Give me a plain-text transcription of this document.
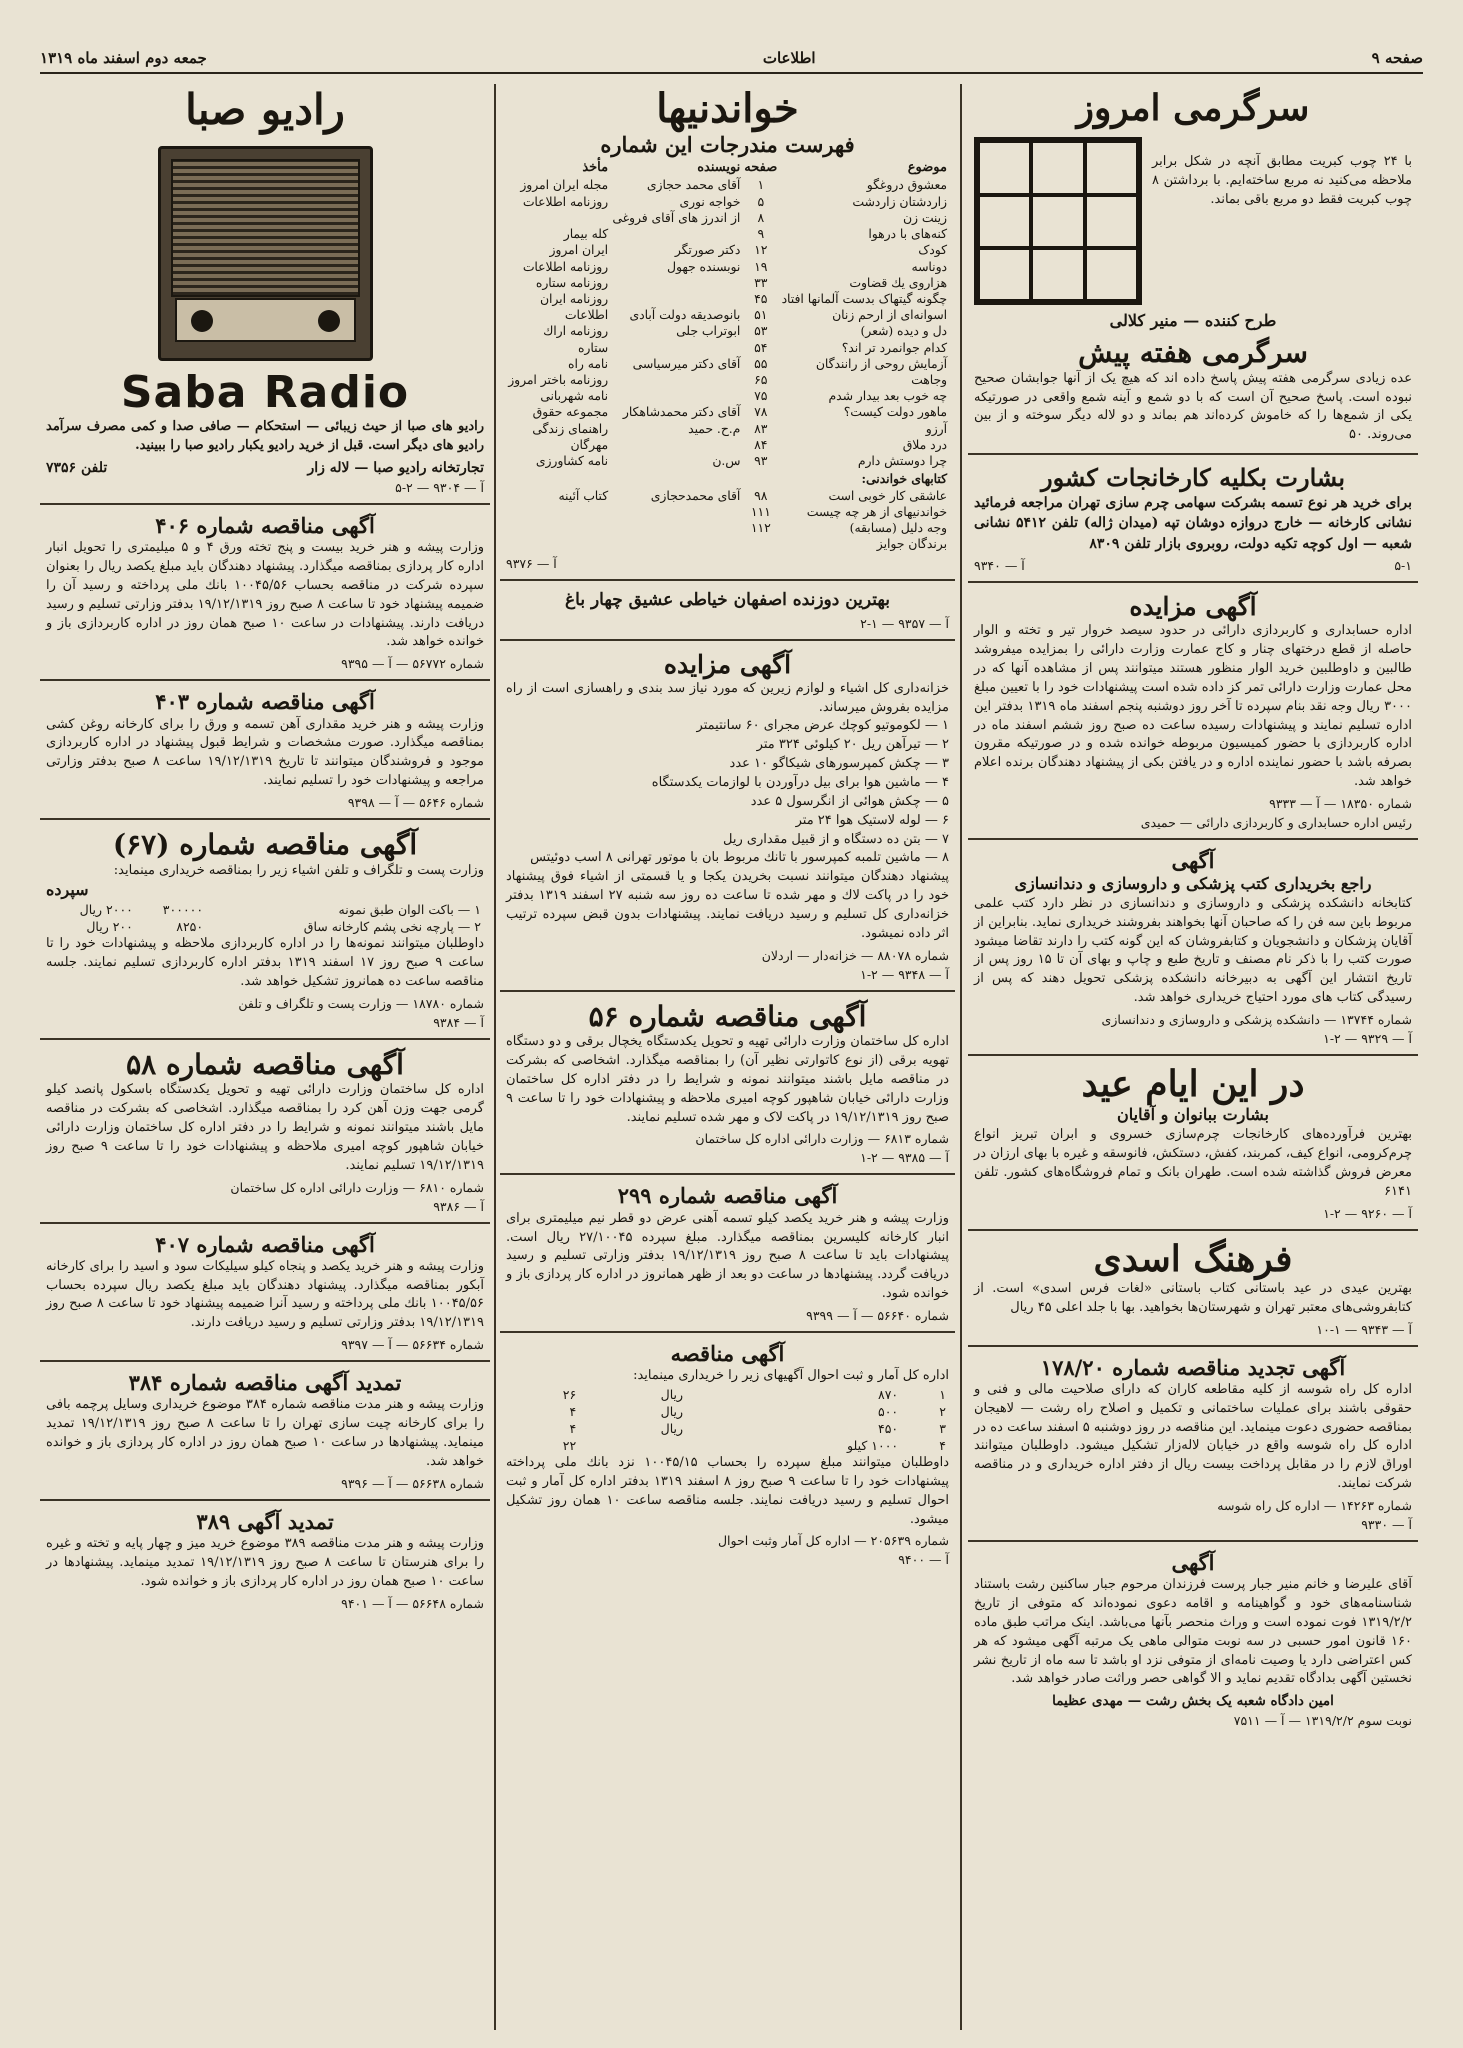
صفحه ۹
اطلاعات
جمعه دوم اسفند ماه ۱۳۱۹
سرگرمی امروز
با ۲۴ چوب کبریت مطابق آنچه در شکل برابر ملاحظه می‌کنید نه مربع ساخته‌ایم. با برداشتن ۸ چوب کبریت فقط دو مربع باقی بماند.
طرح کننده — منیر کلالی
سرگرمی هفته پیش
عده زیادی سرگرمی هفته پیش پاسخ داده اند که هیچ یک از آنها جوابشان صحیح نبوده است. پاسخ صحیح آن است که با دو شمع و آینه شمع واقعی در صورتیکه یکی از شمع‌ها را که خاموش کرده‌اند هم بماند و دو لاله دیگر سوخته و از بین می‌روند. ۵۰
بشارت بکلیه کارخانجات کشور
برای خرید هر نوع تسمه بشرکت سهامی چرم سازی تهران مراجعه فرمائید نشانی کارخانه — خارج دروازه دوشان تپه (میدان ژاله) تلفن ۵۴۱۲ نشانی شعبه — اول کوچه تکیه دولت، روبروی بازار تلفن ۸۳۰۹
۵-۱
آ — ۹۳۴۰
آگهی مزایده
اداره حسابداری و کاربردازی دارائی در حدود سیصد خروار تیر و تخته و الوار حاصله از قطع درختهای چنار و کاج عمارت وزارت دارائی را بمزایده میفروشد طالبین و داوطلبین خرید الوار منظور هستند میتوانند پس از مشاهده آنها که در محل عمارت وزارت دارائی تمر کز داده شده است پیشنهادات خود را با تعیین مبلغ ۳۰۰۰ ریال وجه نقد بنام سپرده تا آخر روز دوشنبه پنجم اسفند ماه ۱۳۱۹ بدفتر این اداره تسلیم نمایند و پیشنهادات رسیده ساعت ده صبح روز ششم اسفند ماه در اداره کاربردازی با حضور کمیسیون مربوطه خوانده شده و در صورتیکه مقرون بصرفه باشد با حضور نماینده اداره و در یافتن بکی از پیشنهاد دهندگان برنده اعلام خواهد شد.
شماره ۱۸۳۵۰ — آ — ۹۳۳۳
رئیس اداره حسابداری و کاربردازی دارائی — حمیدی
آگهی
راجع بخریداری کتب پزشکی و داروسازی و دندانسازی
کتابخانه دانشکده پزشکی و داروسازی و دندانسازی در نظر دارد کتب علمی مربوط باین سه فن را که صاحبان آنها بخواهند بفروشند خریداری نماید. بنابراین از آقایان پزشکان و دانشجویان و کتابفروشان که این گونه کتب را دارند تقاضا میشود صورت کتب را با ذکر نام مصنف و تاریخ طبع و چاپ و بهای آن تا ۱۵ روز پس از تاریخ انتشار این آگهی به دبیرخانه دانشکده پزشکی تحویل دهند که پس از رسیدگی کتاب های مورد احتیاج خریداری خواهد شد.
شماره ۱۳۷۴۴ — دانشکده پزشکی و داروسازی و دندانسازی
آ — ۹۳۲۹ — ۲-۱
در این ایام عید
بشارت ببانوان و آقایان
بهترین فرآورده‌های کارخانجات چرم‌سازی خسروی و ابران تبریز انواع چرم‌کرومی، انواع کیف، کمربند، کفش، دستکش، فانوسقه و غیره با بهای ارزان در معرض فروش گذاشته شده است. طهران بانک و تمام فروشگاه‌های کشور. تلفن ۶۱۴۱
آ — ۹۲۶۰ — ۲-۱
فرهنگ اسدی
بهترین عیدی در عید باستانی کتاب باستانی «لغات فرس اسدی» است. از کتابفروشی‌های معتبر تهران و شهرستان‌ها بخواهید. بها با جلد اعلی ۴۵ ریال
آ — ۹۳۴۳ — ۱-۱۰
آگهی تجدید مناقصه شماره ۱۷۸/۲۰
اداره کل راه شوسه از کلیه مقاطعه کاران که دارای صلاحیت مالی و فنی و حقوقی باشند برای عملیات ساختمانی و تکمیل و اصلاح راه رشت — لاهیجان بمناقصه حضوری دعوت مینماید. این مناقصه در روز دوشنبه ۵ اسفند ساعت ده در اداره کل راه شوسه واقع در خیابان لاله‌زار تشکیل میشود. داوطلبان میتوانند اوراق لازم را در مقابل پرداخت بیست ریال از دفتر اداره خریداری و در مناقصه شرکت نمایند.
شماره ۱۴۲۶۳ — اداره کل راه شوسه
آ — ۹۳۳۰
آگهی
آقای علیرضا و خانم منیر جبار پرست فرزندان مرحوم جبار ساکنین رشت باستناد شناسنامه‌های خود و گواهینامه و اقامه دعوی نموده‌اند که متوفی از تاریخ ۱۳۱۹/۲/۲ فوت نموده است و وراث منحصر بآنها می‌باشد. اینک مراتب طبق ماده ۱۶۰ قانون امور حسبی در سه نوبت متوالی ماهی یک مرتبه آگهی میشود که هر کس اعتراضی دارد یا وصیت نامه‌ای از متوفی نزد او باشد تا سه ماه از تاریخ نشر نخستین آگهی بدادگاه تقدیم نماید و الا گواهی حصر وراثت صادر خواهد شد.
امین دادگاه شعبه یک بخش رشت — مهدی عظیما
نوبت سوم ۱۳۱۹/۲/۲ — آ — ۷۵۱۱
خواندنیها
فهرست مندرجات این شماره
موضوع	صفحه	نویسنده	مأخذ
معشوق دروغگو	۱	آقای محمد حجازی	مجله ایران امروز
زاردشتان زاردشت	۵	خواجه نوری	روزنامه اطلاعات
زینت زن	۸	از اندرز های آقای فروغی	
کنه‌های با درهوا	۹		کله بیمار
کودک	۱۲	دکتر صورتگر	ایران امروز
دوناسه	۱۹	نوبسنده جهول	روزنامه اطلاعات
هزاروی یك قضاوت	۳۳		روزنامه ستاره
چگونه گیتهاک بدست آلمانها افتاد	۴۵		روزنامه ایران
اسوانه‌ای از ارحم زنان	۵۱	بانوصدیقه دولت آبادی	اطلاعات
دل و دیده (شعر)	۵۳	ابوتراب جلی	روزنامه اراك
کدام جوانمرد تر اند؟	۵۴		ستاره
آزمایش روحی از رانندگان	۵۵	آقای دکتر میرسیاسی	نامه راه
وجاهت	۶۵		روزنامه باختر امروز
چه خوب بعد بیدار شدم	۷۵		نامه شهربانی
ماهور دولت کیست؟	۷۸	آقای دکتر محمدشاهکار	مجموعه حقوق
آرزو	۸۳	م.ح. حمید	راهنمای زندگی
درد ملاق	۸۴		مهرگان
چرا دوستش دارم	۹۳	س.ن	نامه کشاورزی
کتابهای خواندنی:			
عاشقی کار خوبی است	۹۸	آقای محمدحجازی	کتاب آئینه
خواندنیهای از هر چه چیست	۱۱۱		
وجه دلیل (مسابقه)	۱۱۲		
برندگان جوایز			
آ — ۹۳۷۶
بهترین دوزنده اصفهان خیاطی عشیق چهار باغ
آ — ۹۳۵۷ — ۱-۲
آگهی مزایده
خزانه‌داری کل اشیاء و لوازم زیرین که مورد نیاز سد بندی و راهسازی است از راه مزایده بفروش میرساند.
۱ — لکوموتیو کوچك عرض مجرای ۶۰ سانتیمتر
۲ — تیرآهن ریل ۲۰ کیلوئی ۳۲۴ متر
۳ — چکش کمپرسورهای شیکاگو ۱۰ عدد
۴ — ماشین هوا برای بیل درآوردن با لوازمات یکدستگاه
۵ — چکش هوائی از انگرسول ۵ عدد
۶ — لوله لاستیک هوا ۲۴ متر
۷ — بتن ده دستگاه و از قبیل مقداری ریل
۸ — ماشین تلمبه کمپرسور با تانك مربوط بان با موتور تهرانی ۸ اسب دوئیتس
پیشنهاد دهندگان میتوانند نسبت بخریدن یکجا و یا قسمتی از اشیاء فوق پیشنهاد خود را در پاکت لاك و مهر شده تا ساعت ده روز سه شنبه ۲۷ اسفند ۱۳۱۹ بدفتر خزانه‌داری کل تسلیم و رسید دریافت نمایند. پیشنهادات بدون قبض سپرده ترتیب اثر داده نمیشود.
شماره ۸۸۰۷۸ — خزانه‌دار — اردلان
آ — ۹۳۴۸ — ۲-۱
آگهی مناقصه شماره ۵۶
اداره کل ساختمان وزارت دارائی تهیه و تحویل یکدستگاه یخچال برقی و دو دستگاه تهویه برقی (از نوع کاتوارتی نظیر آن) را بمناقصه میگذارد. اشخاصی که بشرکت در مناقصه مایل باشند میتوانند نمونه و شرایط را در دفتر اداره کل ساختمان وزارت دارائی خیابان شاهپور کوچه امیری ملاحظه و پیشنهادات خود را تا ساعت ۹ صبح روز ۱۹/۱۲/۱۳۱۹ در پاکت لاک و مهر شده تسلیم نمایند.
شماره ۶۸۱۳ — وزارت دارائی اداره کل ساختمان
آ — ۹۳۸۵ — ۲-۱
آگهی مناقصه شماره ۲۹۹
وزارت پیشه و هنر خرید یکصد کیلو تسمه آهنی عرض دو قطر نیم میلیمتری برای انبار کارخانه کلیسرین بمناقصه میگذارد. مبلغ سپرده ۲۷/۱۰۰۴۵ ریال است. پیشنهادات باید تا ساعت ۸ صبح روز ۱۹/۱۲/۱۳۱۹ بدفتر وزارتی تسلیم و رسید دریافت گردد. پیشنهادها در ساعت دو بعد از ظهر همانروز در اداره کار پردازی باز و خوانده شود.
شماره ۵۶۶۴۰ — آ — ۹۳۹۹
آگهی مناقصه
اداره کل آمار و ثبت احوال آگهیهای زیر را خریداری مینماید:
۱	۸۷۰	ریال	۲۶
۲	۵۰۰	ریال	۴
۳	۴۵۰	ریال	۴
۴	۱۰۰۰ کیلو		۲۲
داوطلبان میتوانند مبلغ سپرده را بحساب ۱۰۰۴۵/۱۵ نزد بانك ملی پرداخته پیشنهادات خود را تا ساعت ۹ صبح روز ۸ اسفند ۱۳۱۹ بدفتر اداره کل آمار و ثبت احوال تسلیم و رسید دریافت نمایند. جلسه مناقصه ساعت ۱۰ همان روز تشکیل میشود.
شماره ۲۰۵۶۳۹ — اداره کل آمار وثبت احوال
آ — ۹۴۰۰
رادیو صبا
Saba Radio
رادیو های صبا از حیث زیبائی — استحکام — صافی صدا و کمی مصرف سرآمد رادیو های دیگر است. قبل از خرید رادیو یکبار رادیو صبا را ببینید.
تجارتخانه رادیو صبا — لاله زار
تلفن ۷۳۵۶
آ — ۹۳۰۴ — ۲-۵
آگهی مناقصه شماره ۴۰۶
وزارت پیشه و هنر خرید بیست و پنج تخته ورق ۴ و ۵ میلیمتری را تحویل انبار اداره کار پردازی بمناقصه میگذارد. پیشنهاد دهندگان باید مبلغ یکصد ریال را بعنوان سپرده شرکت در مناقصه بحساب ۱۰۰۴۵/۵۶ بانك ملی پرداخته و رسید آن را ضمیمه پیشنهاد خود تا ساعت ۸ صبح روز ۱۹/۱۲/۱۳۱۹ بدفتر وزارتی تسلیم و رسید دریافت دارند. پیشنهادات در ساعت ۱۰ صبح همان روز در اداره کاربردازی باز و خوانده خواهد شد.
شماره ۵۶۷۷۲ — آ — ۹۳۹۵
آگهی مناقصه شماره ۴۰۳
وزارت پیشه و هنر خرید مقداری آهن تسمه و ورق را برای کارخانه روغن کشی بمناقصه میگذارد. صورت مشخصات و شرایط قبول پیشنهاد در اداره کاربردازی موجود و فروشندگان میتوانند تا تاریخ ۱۹/۱۲/۱۳۱۹ ساعت ۸ صبح بدفتر وزارتی مراجعه و پیشنهادات خود را تسلیم نمایند.
شماره ۵۶۴۶ — آ — ۹۳۹۸
آگهی مناقصه شماره (۶۷)
وزارت پست و تلگراف و تلفن اشیاء زیر را بمناقصه خریداری مینماید:
سپرده
۱ — باکت الوان طبق نمونه	۳۰۰۰۰۰	۲۰۰۰ ریال
۲ — پارچه نخی پشم کارخانه ساق	۸۲۵۰	۲۰۰ ریال
داوطلبان میتوانند نمونه‌ها را در اداره کاربردازی ملاحظه و پیشنهادات خود را تا ساعت ۹ صبح روز ۱۷ اسفند ۱۳۱۹ بدفتر اداره کاربردازی تسلیم نمایند. جلسه مناقصه ساعت ده همانروز تشکیل خواهد شد.
شماره ۱۸۷۸۰ — وزارت پست و تلگراف و تلفن
آ — ۹۳۸۴
آگهی مناقصه شماره ۵۸
اداره کل ساختمان وزارت دارائی تهیه و تحویل یکدستگاه باسکول پانصد کیلو گرمی جهت وزن آهن کرد را بمناقصه میگذارد. اشخاصی که بشرکت در مناقصه مایل باشند میتوانند نمونه و شرایط را در دفتر اداره کل ساختمان وزارت دارائی خیابان شاهپور کوچه امیری ملاحظه و پیشنهادات خود را تا ساعت ۹ صبح روز ۱۹/۱۲/۱۳۱۹ تسلیم نمایند.
شماره ۶۸۱۰ — وزارت دارائی اداره کل ساختمان
آ — ۹۳۸۶
آگهی مناقصه شماره ۴۰۷
وزارت پیشه و هنر خرید یکصد و پنجاه کیلو سیلیکات سود و اسید را برای کارخانه آبکور بمناقصه میگذارد. پیشنهاد دهندگان باید مبلغ یکصد ریال سپرده بحساب ۱۰۰۴۵/۵۶ بانك ملی پرداخته و رسید آنرا ضمیمه پیشنهاد خود تا ساعت ۸ صبح روز ۱۹/۱۲/۱۳۱۹ بدفتر وزارتی تسلیم و رسید دریافت دارند.
شماره ۵۶۶۳۴ — آ — ۹۳۹۷
تمدید آگهی مناقصه شماره ۳۸۴
وزارت پیشه و هنر مدت مناقصه شماره ۳۸۴ موضوع خریداری وسایل پرچمه بافی را برای کارخانه چیت سازی تهران را تا ساعت ۸ صبح روز ۱۹/۱۲/۱۳۱۹ تمدید مینماید. پیشنهادها در ساعت ۱۰ صبح همان روز در اداره کار پردازی باز و خوانده خواهد شد.
شماره ۵۶۶۳۸ — آ — ۹۳۹۶
تمدید آگهی ۳۸۹
وزارت پیشه و هنر مدت مناقصه ۳۸۹ موضوع خرید میز و چهار پایه و تخته و غیره را برای هنرستان تا ساعت ۸ صبح روز ۱۹/۱۲/۱۳۱۹ تمدید مینماید. پیشنهادها در ساعت ۱۰ صبح همان روز در اداره کار پردازی باز و خوانده شود.
شماره ۵۶۶۴۸ — آ — ۹۴۰۱
